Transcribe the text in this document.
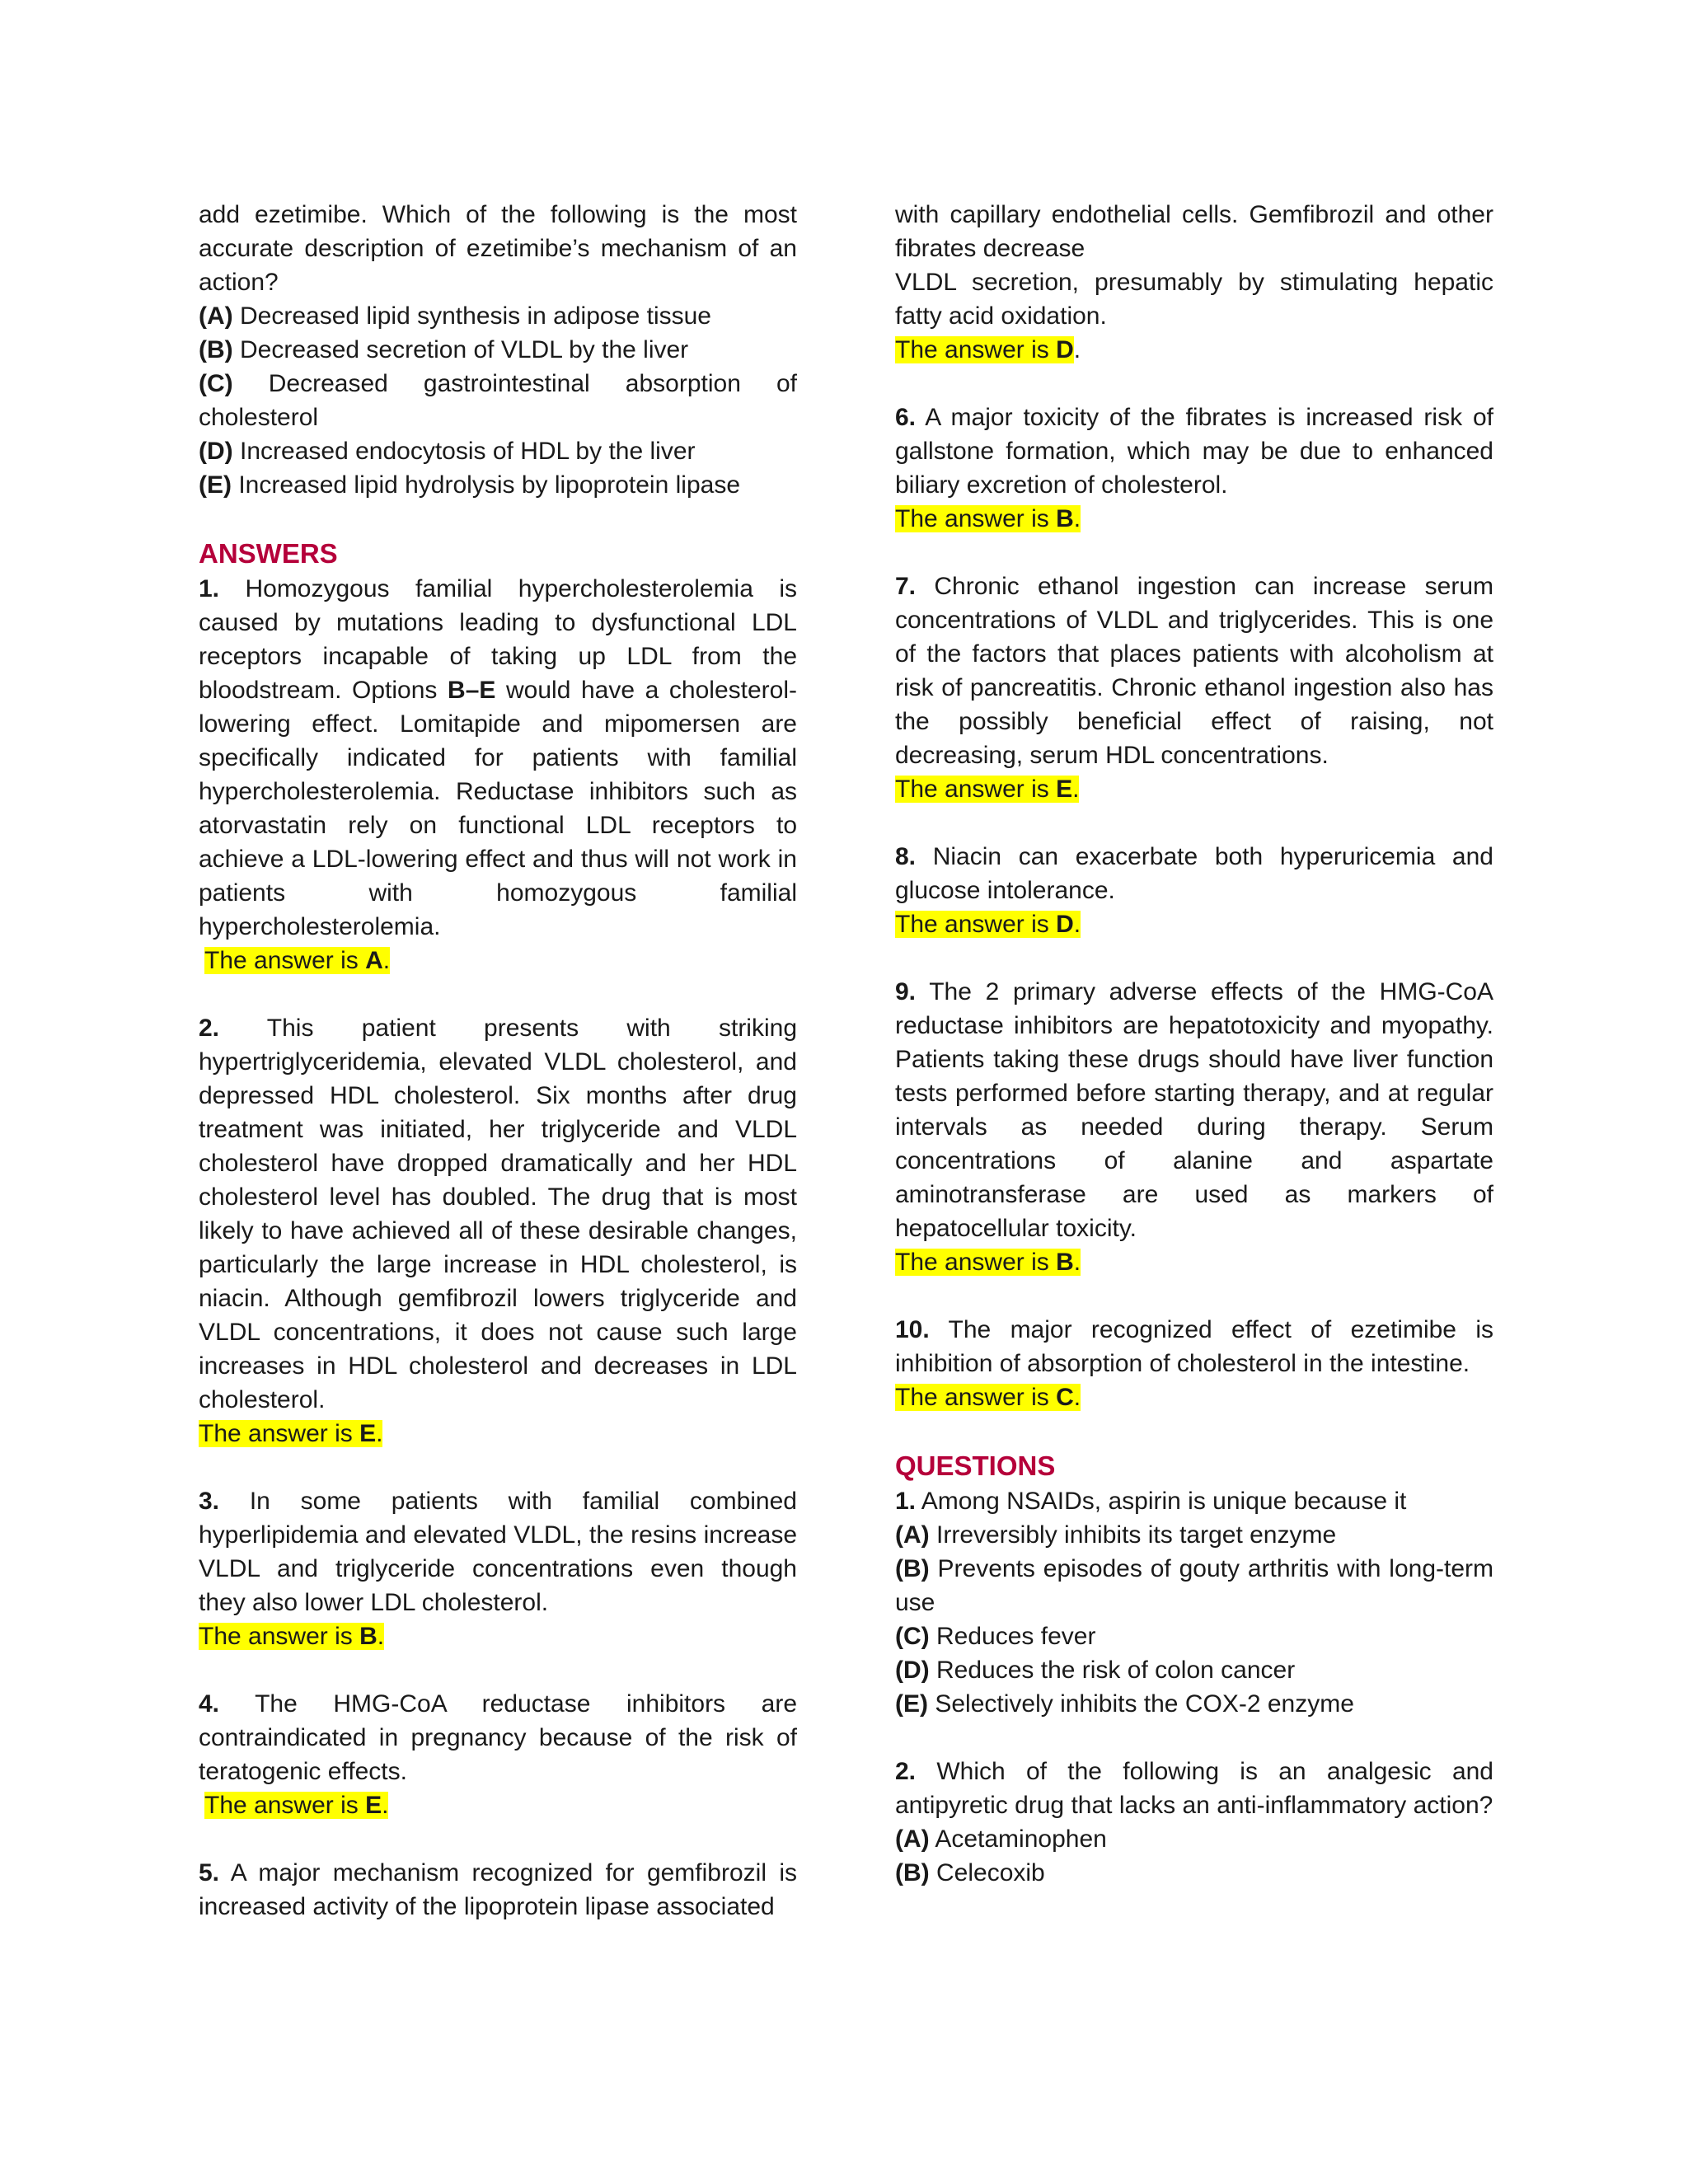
add ezetimibe. Which of the following is the most accurate description of ezetimibe’s mechanism of an action?

(A) Decreased lipid synthesis in adipose tissue
(B) Decreased secretion of VLDL by the liver
(C) Decreased gastrointestinal absorption of cholesterol
(D) Increased endocytosis of HDL by the liver
(E) Increased lipid hydrolysis by lipoprotein lipase
ANSWERS

1. Homozygous familial hypercholesterolemia is caused by mutations leading to dysfunctional LDL receptors incapable of taking up LDL from the bloodstream. Options B–E would have a cholesterol-lowering effect. Lomitapide and mipomersen are specifically indicated for patients with familial hypercholesterolemia. Reductase inhibitors such as atorvastatin rely on functional LDL receptors to achieve a LDL-lowering effect and thus will not work in patients with homozygous familial hypercholesterolemia.

The answer is A.

2. This patient presents with striking hypertriglyceridemia, elevated VLDL cholesterol, and depressed HDL cholesterol. Six months after drug treatment was initiated, her triglyceride and VLDL cholesterol have dropped dramatically and her HDL cholesterol level has doubled. The drug that is most likely to have achieved all of these desirable changes, particularly the large increase in HDL cholesterol, is niacin. Although gemfibrozil lowers triglyceride and VLDL concentrations, it does not cause such large increases in HDL cholesterol and decreases in LDL cholesterol.

The answer is E.

3. In some patients with familial combined hyperlipidemia and elevated VLDL, the resins increase VLDL and triglyceride concentrations even though they also lower LDL cholesterol.

The answer is B.

4. The HMG-CoA reductase inhibitors are contraindicated in pregnancy because of the risk of teratogenic effects.

The answer is E.

5. A major mechanism recognized for gemfibrozil is increased activity of the lipoprotein lipase associated

with capillary endothelial cells. Gemfibrozil and other fibrates decrease

VLDL secretion, presumably by stimulating hepatic fatty acid oxidation.

The answer is D.

6. A major toxicity of the fibrates is increased risk of gallstone formation, which may be due to enhanced biliary excretion of cholesterol.

The answer is B.

7. Chronic ethanol ingestion can increase serum concentrations of VLDL and triglycerides. This is one of the factors that places patients with alcoholism at risk of pancreatitis. Chronic ethanol ingestion also has the possibly beneficial effect of raising, not decreasing, serum HDL concentrations.

The answer is E.

8. Niacin can exacerbate both hyperuricemia and glucose intolerance.

The answer is D.

9. The 2 primary adverse effects of the HMG-CoA reductase inhibitors are hepatotoxicity and myopathy. Patients taking these drugs should have liver function tests performed before starting therapy, and at regular intervals as needed during therapy. Serum concentrations of alanine and aspartate aminotransferase are used as markers of hepatocellular toxicity.

The answer is B.

10. The major recognized effect of ezetimibe is inhibition of absorption of cholesterol in the intestine.

The answer is C.
QUESTIONS
1. Among NSAIDs, aspirin is unique because it
(A) Irreversibly inhibits its target enzyme
(B) Prevents episodes of gouty arthritis with long-term use
(C) Reduces fever
(D) Reduces the risk of colon cancer
(E) Selectively inhibits the COX-2 enzyme

2. Which of the following is an analgesic and antipyretic drug that lacks an anti-inflammatory action?

(A) Acetaminophen
(B) Celecoxib
